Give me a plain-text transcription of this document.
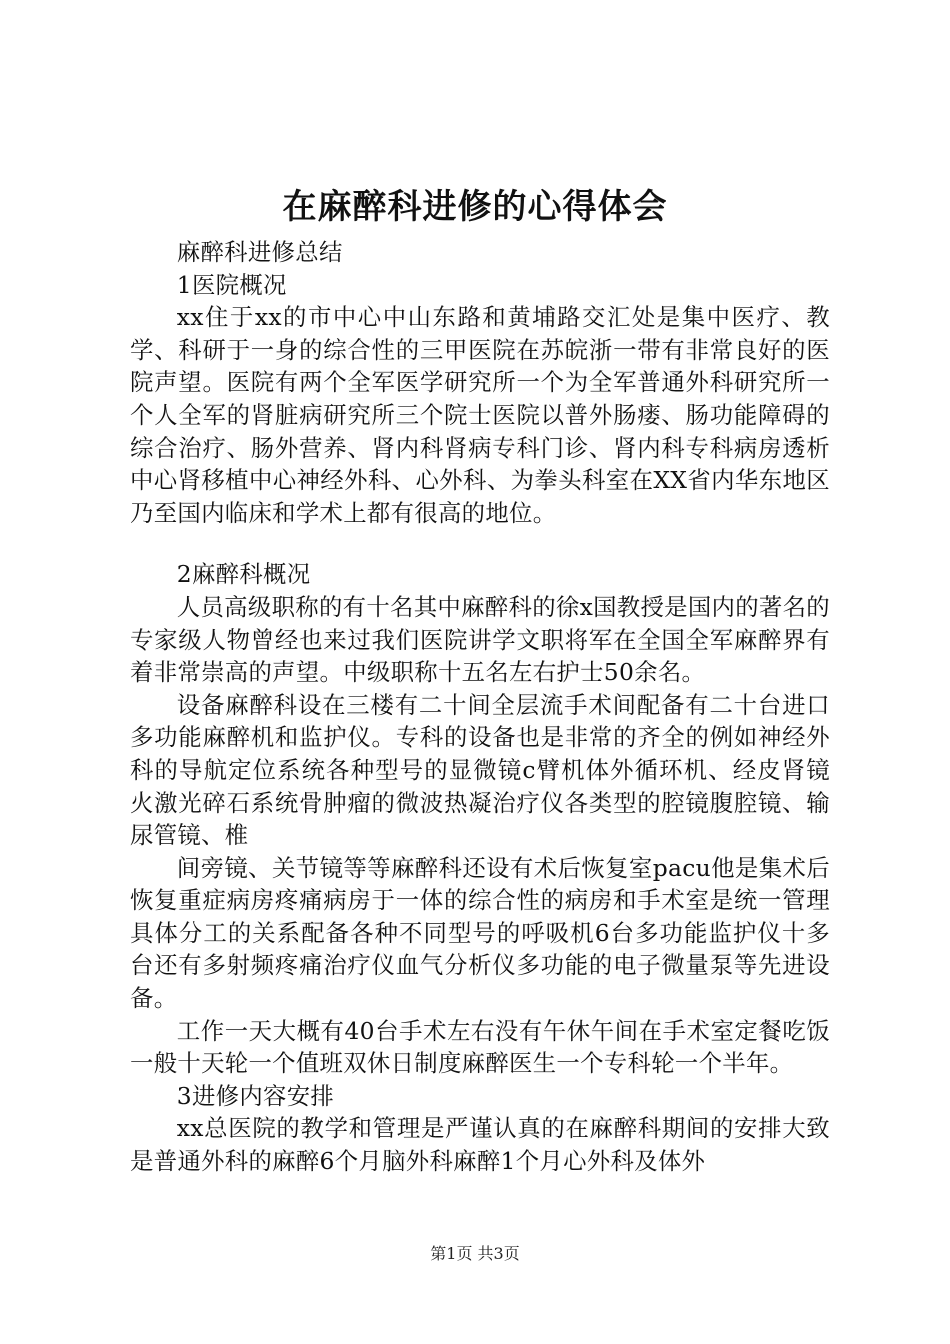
在麻醉科进修的心得体会

麻醉科进修总结

1医院概况

xx住于xx的市中心中山东路和黄埔路交汇处是集中医疗、教学、科研于一身的综合性的三甲医院在苏皖浙一带有非常良好的医院声望。医院有两个全军医学研究所一个为全军普通外科研究所一个人全军的肾脏病研究所三个院士医院以普外肠瘘、肠功能障碍的综合治疗、肠外营养、肾内科肾病专科门诊、肾内科专科病房透析中心肾移植中心神经外科、心外科、为拳头科室在XX省内华东地区乃至国内临床和学术上都有很高的地位。

2麻醉科概况

人员高级职称的有十名其中麻醉科的徐x国教授是国内的著名的专家级人物曾经也来过我们医院讲学文职将军在全国全军麻醉界有着非常崇高的声望。中级职称十五名左右护士50余名。

设备麻醉科设在三楼有二十间全层流手术间配备有二十台进口多功能麻醉机和监护仪。专科的设备也是非常的齐全的例如神经外科的导航定位系统各种型号的显微镜c臂机体外循环机、经皮肾镜火激光碎石系统骨肿瘤的微波热凝治疗仪各类型的腔镜腹腔镜、输尿管镜、椎

间旁镜、关节镜等等麻醉科还设有术后恢复室pacu他是集术后恢复重症病房疼痛病房于一体的综合性的病房和手术室是统一管理具体分工的关系配备各种不同型号的呼吸机6台多功能监护仪十多台还有多射频疼痛治疗仪血气分析仪多功能的电子微量泵等先进设备。

工作一天大概有40台手术左右没有午休午间在手术室定餐吃饭一般十天轮一个值班双休日制度麻醉医生一个专科轮一个半年。

3进修内容安排

xx总医院的教学和管理是严谨认真的在麻醉科期间的安排大致是普通外科的麻醉6个月脑外科麻醉1个月心外科及体外

第1页 共3页
